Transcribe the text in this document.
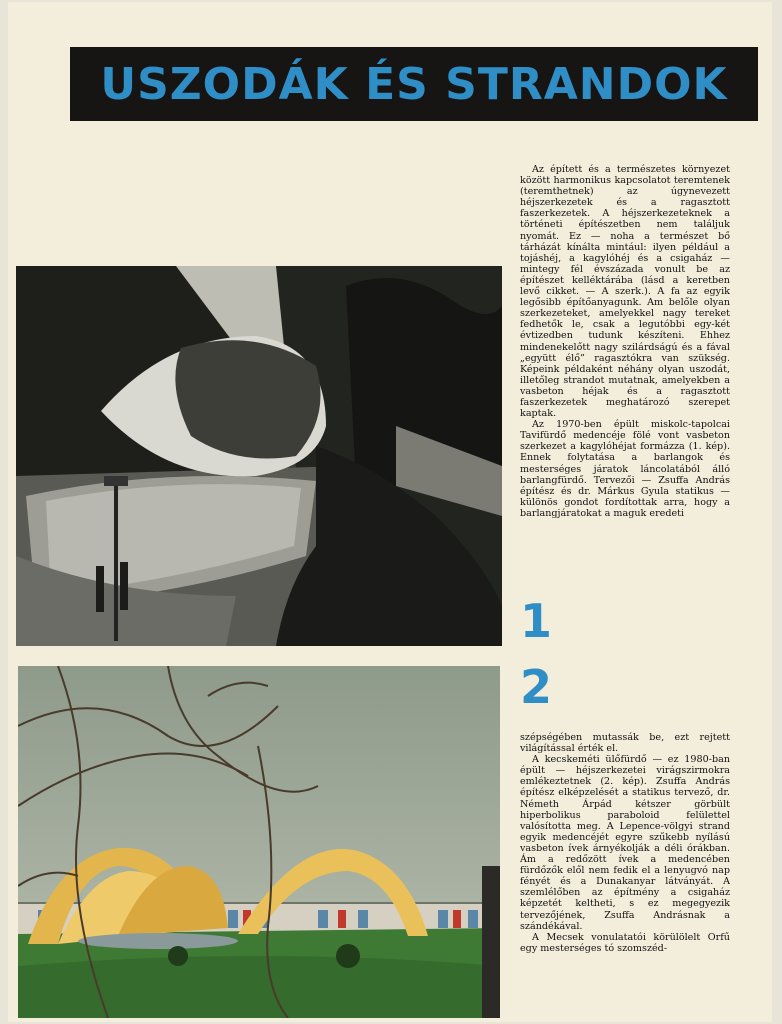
USZODÁK ÉS STRANDOK

Az épített és a természetes környezet között harmonikus kapcsolatot teremtenek (teremthetnek) az úgynevezett héjszerkezetek és a ragasztott faszerkezetek. A héjszerkezeteknek a történeti építészetben nem találjuk nyomát. Ez — noha a természet bő tárházát kínálta mintául: ilyen például a tojáshéj, a kagylóhéj és a csigaház — mintegy fél évszázada vonult be az építészet kelléktárába (lásd a keretben levő cikket. — A szerk.). A fa az egyik legősibb építőanyagunk. Am belőle olyan szerkezeteket, amelyekkel nagy tereket fedhetők le, csak a legutóbbi egy-két évtizedben tudunk készíteni. Ehhez mindenekelőtt nagy szilárdságú és a fával „együtt élő” ragasztókra van szükség. Képeink példaként néhány olyan uszodát, illetőleg strandot mutatnak, amelyekben a vasbeton héjak és a ragasztott faszerkezetek meghatározó szerepet kaptak.

Az 1970-ben épült miskolc-tapolcai Tavifürdő medencéje fölé vont vasbeton szerkezet a kagylóhéjat formázza (1. kép). Ennek folytatása a barlangok és mesterséges járatok láncolatából álló barlangfürdő. Tervezői — Zsuffa András építész és dr. Márkus Gyula statikus — különös gondot fordítottak arra, hogy a barlangjáratokat a maguk eredeti

1
2

szépségében mutassák be, ezt rejtett világítással érték el.

A kecskeméti ülőfürdő — ez 1980-ban épült — héjszerkezetei virágszirmokra emlékeztetnek (2. kép). Zsuffa András építész elképzelését a statikus tervező, dr. Németh Árpád kétszer görbült hiperbolikus paraboloid felülettel valósította meg. A Lepence-völgyi strand egyik medencéjét egyre szűkebb nyílású vasbeton ívek árnyékolják a déli órákban. Ám a redőzött ívek a medencében fürdőzők elől nem fedik el a lenyugvó nap fényét és a Dunakanyar látványát. A szemlélőben az építmény a csigaház képzetét keltheti, s ez megegyezik tervezőjének, Zsuffa Andrásnak a szándékával.

A Mecsek vonulatatói körülölelt Orfű egy mesterséges tó szomszéd-
